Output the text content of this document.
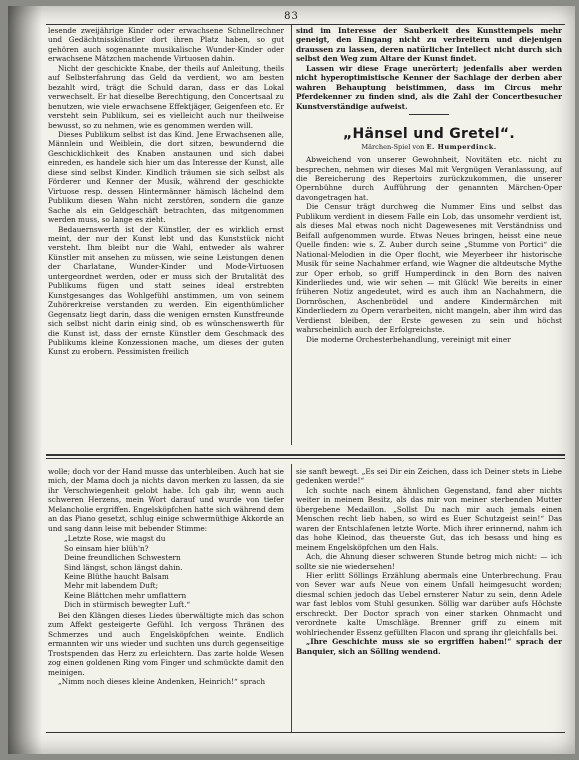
83

lesende zweijährige Kinder oder erwachsene Schnellrechner und Gedächtnisskünstler dort ihren Platz haben, so gut gehören auch sogenannte musikalische Wunder-Kinder oder erwachsene Mätzchen machende Virtuosen dahin.

Nicht der geschickte Knabe, der theils auf Anleitung, theils auf Selbsterfahrung das Geld da verdient, wo am besten bezahlt wird, trägt die Schuld daran, dass er das Lokal verwechselt. Er hat dieselbe Berechtigung, den Concertsaal zu benutzen, wie viele erwachsene Effektjäger, Geigenfeen etc. Er versteht sein Publikum, sei es vielleicht auch nur theilweise bewusst, so zu nehmen, wie es genommen werden will.

Dieses Publikum selbst ist das Kind. Jene Erwachsenen alle, Männlein und Weiblein, die dort sitzen, bewundernd die Geschicklichkeit des Knaben anstaunen und sich dabei einreden, es handele sich hier um das Interesse der Kunst, alle diese sind selbst Kinder. Kindlich träumen sie sich selbst als Förderer und Kenner der Musik, während der geschickte Virtuose resp. dessen Hintermänner hämisch lächelnd dem Publikum diesen Wahn nicht zerstören, sondern die ganze Sache als ein Geldgeschäft betrachten, das mitgenommen werden muss, so lange es zieht.

Bedauernswerth ist der Künstler, der es wirklich ernst meint, der nur der Kunst lebt und das Kunststück nicht versteht. Ihm bleibt nur die Wahl, entweder als wahrer Künstler mit ansehen zu müssen, wie seine Leistungen denen der Charlatane, Wunder-Kinder und Mode-Virtuosen untergeordnet werden, oder er muss sich der Brutalität des Publikums fügen und statt seines ideal erstrebten Kunstgesanges das Wohlgefühl anstimmen, um von seinem Zuhörerkreise verstanden zu werden. Ein eigenthümlicher Gegensatz liegt darin, dass die wenigen ernsten Kunstfreunde sich selbst nicht darin einig sind, ob es wünschenswerth für die Kunst ist, dass der ernste Künstler dem Geschmack des Publikums kleine Konzessionen mache, um dieses der guten Kunst zu erobern. Pessimisten freilich

sind im Interesse der Sauberkeit des Kunsttempels mehr geneigt, den Eingang nicht zu verbreitern und diejenigen draussen zu lassen, deren natürlicher Intellect nicht durch sich selbst den Weg zum Altare der Kunst findet.

Lassen wir diese Frage unerörtert; jedenfalls aber werden nicht hyperoptimistische Kenner der Sachlage der derben aber wahren Behauptung beistimmen, dass im Circus mehr Pferdekenner zu finden sind, als die Zahl der Concertbesucher Kunstverständige aufweist.

„Hänsel und Gretel“.
Märchen-Spiel von E. Humperdinck.

Abweichend von unserer Gewohnheit, Novitäten etc. nicht zu besprechen, nehmen wir dieses Mal mit Vergnügen Veranlassung, auf die Bereicherung des Repertoirs zurückzukommen, die unserer Opernbühne durch Aufführung der genannten Märchen-Oper davongetragen hat.

Die Censur trägt durchweg die Nummer Eins und selbst das Publikum verdient in diesem Falle ein Lob, das unsomehr verdient ist, als dieses Mal etwas noch nicht Dagewesenes mit Verständniss und Beifall aufgenommen wurde. Etwas Neues bringen, heisst eine neue Quelle finden: wie s. Z. Auber durch seine „Stumme von Portici“ die National-Melodien in die Oper flocht, wie Meyerbeer ihr historische Musik für seine Nachahmer erfand, wie Wagner die altdeutsche Mythe zur Oper erhob, so griff Humperdinck in den Born des naiven Kinderliedes und, wie wir sehen — mit Glück! Wie bereits in einer früheren Notiz angedeutet, wird es auch ihm an Nachahmern, die Dornröschen, Aschenbrödel und andere Kindermärchen mit Kinderliedern zu Opern verarbeiten, nicht mangeln, aber ihm wird das Verdienst bleiben, der Erste gewesen zu sein und höchst wahrscheinlich auch der Erfolgreichste.

Die moderne Orchesterbehandlung, vereinigt mit einer

wolle; doch vor der Hand musse das unterbleiben. Auch hat sie mich, der Mama doch ja nichts davon merken zu lassen, da sie ihr Verschwiegenheit gelobt habe. Ich gab ihr, wenn auch schweren Herzens, mein Wort darauf und wurde von tiefer Melancholie ergriffen. Engelsköpfchen hatte sich während dem an das Piano gesetzt, schlug einige schwermüthige Akkorde an und sang dann leise mit bebender Stimme:

„Letzte Rose, wie magst du
So einsam hier blüh'n?
Deine freundlichen Schwestern
Sind längst, schon längst dahin.
Keine Blüthe haucht Balsam
Mehr mit labendem Duft;
Keine Blättchen mehr umflattern
Dich in stürmisch bewegter Luft.“

Bei den Klängen dieses Liedes überwältigte mich das schon zum Affekt gesteigerte Gefühl. Ich vergoss Thränen des Schmerzes und auch Engelsköpfchen weinte. Endlich ermannten wir uns wieder und suchten uns durch gegenseitige Trostspenden das Herz zu erleichtern. Das zarte holde Wesen zog einen goldenen Ring vom Finger und schmückte damit den meinigen.

„Nimm noch dieses kleine Andenken, Heinrich!“ sprach

sie sanft bewegt. „Es sei Dir ein Zeichen, dass ich Deiner stets in Liebe gedenken werde!“

Ich suchte nach einem ähnlichen Gegenstand, fand aber nichts weiter in meinem Besitz, als das mir von meiner sterbenden Mutter übergebene Medaillon. „Sollst Du nach mir auch jemals einen Menschen recht lieb haben, so wird es Euer Schutzgeist sein!“ Das waren der Entschlafenen letzte Worte. Mich ihrer erinnernd, nahm ich das hohe Kleinod, das theuerste Gut, das ich besass und hing es meinem Engelsköpfchen um den Hals.

Ach, die Ahnung dieser schweren Stunde betrog mich nicht: — ich sollte sie nie wiedersehen!

Hier erlitt Söllings Erzählung abermals eine Unterbrechung. Frau von Sever war aufs Neue von einem Unfall heimgesucht worden; diesmal schien jedoch das Uebel ernsterer Natur zu sein, denn Adele war fast leblos vom Stuhl gesunken. Söllig war darüber aufs Höchste erschreckt. Der Doctor sprach von einer starken Ohnmacht und verordnete kalte Umschläge. Brenner griff zu einem mit wohlriechender Essenz gefüllten Flacon und sprang ihr gleichfalls bei.

„Ihre Geschichte muss sie so ergriffen haben!“ sprach der Banquier, sich an Sölling wendend.
